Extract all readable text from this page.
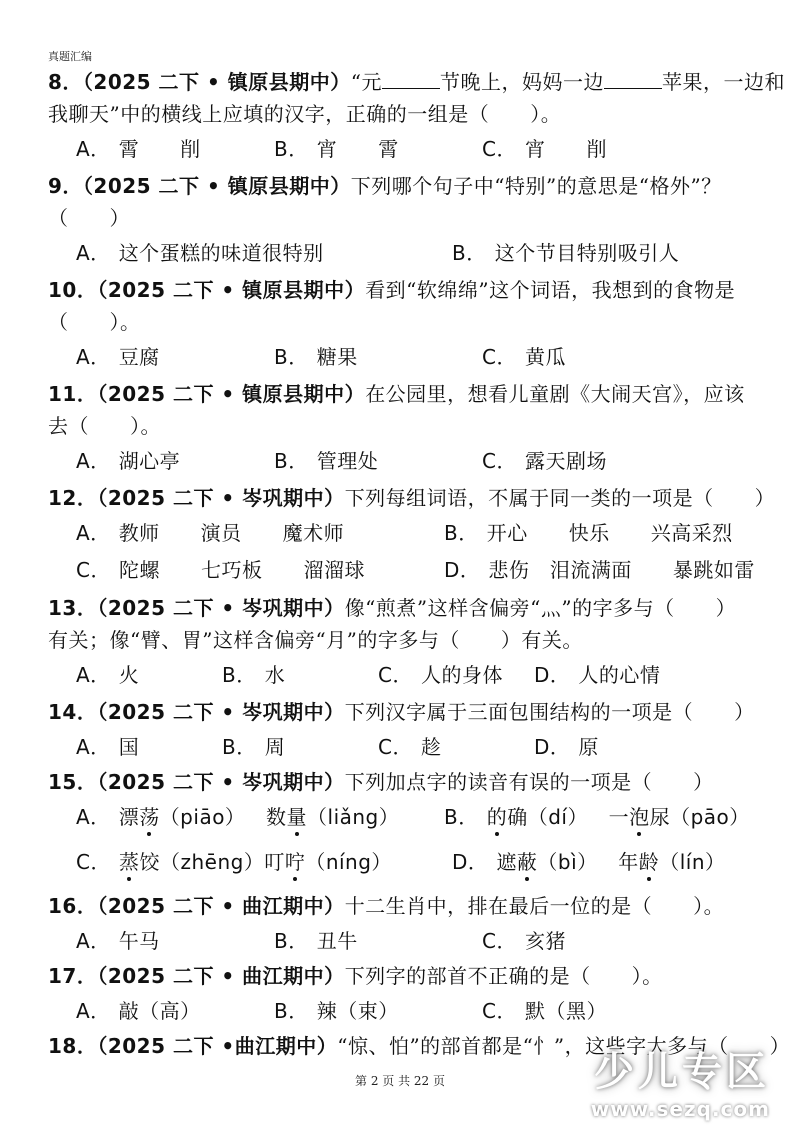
真题汇编
8．（2025 二下 • 镇原县期中）“元	节晚上，妈妈一边	苹果，一边和
我聊天”中的横线上应填的汉字，正确的一组是（　　）。
A． 霄　　削	B． 宵　　霄	C． 宵　　削
9．（2025 二下 • 镇原县期中）下列哪个句子中“特别”的意思是“格外”？
（　　）
A． 这个蛋糕的味道很特别	B． 这个节目特别吸引人
10．（2025 二下 • 镇原县期中）看到“软绵绵”这个词语，我想到的食物是
（　　）。
A． 豆腐	B． 糖果	C． 黄瓜
11．（2025 二下 • 镇原县期中）在公园里，想看儿童剧《大闹天宫》，应该
去（　　）。
A． 湖心亭	B． 管理处	C． 露天剧场
12．（2025 二下 • 岑巩期中）下列每组词语，不属于同一类的一项是（　　）
A． 教师　　演员　　魔术师	B． 开心　　快乐　　兴高采烈
C． 陀螺　　七巧板　　溜溜球	D． 悲伤　泪流满面　　暴跳如雷
13．（2025 二下 • 岑巩期中）像“煎煮”这样含偏旁“灬”的字多与（　　）
有关；像“臂、胃”这样含偏旁“月”的字多与（　　）有关。
A． 火	B． 水	C． 人的身体 D． 人的心情
14．（2025 二下 • 岑巩期中）下列汉字属于三面包围结构的一项是（　　）
A． 国	B． 周	C． 趁	D． 原
15．（2025 二下 • 岑巩期中）下列加点字的读音有误的一项是（　　）
A． 漂荡（piāo） 数量（liǎng） B． 的确（dí） 一泡尿（pāo）
C． 蒸饺（zhēng）叮咛（níng）	D． 遮蔽（bì） 年龄（lín）
16．（2025 二下 • 曲江期中）十二生肖中，排在最后一位的是（　　）。
A． 午马	B． 丑牛	C． 亥猪
17．（2025 二下 • 曲江期中）下列字的部首不正确的是（　　）。
A． 敲（高）	B． 辣（束）	C． 默（黑）
18．（2025 二下 •曲江期中）“惊、怕”的部首都是“忄”，这些字大多与（　　）
第 2 页 共 22 页	少儿专区
www.sezq.com
